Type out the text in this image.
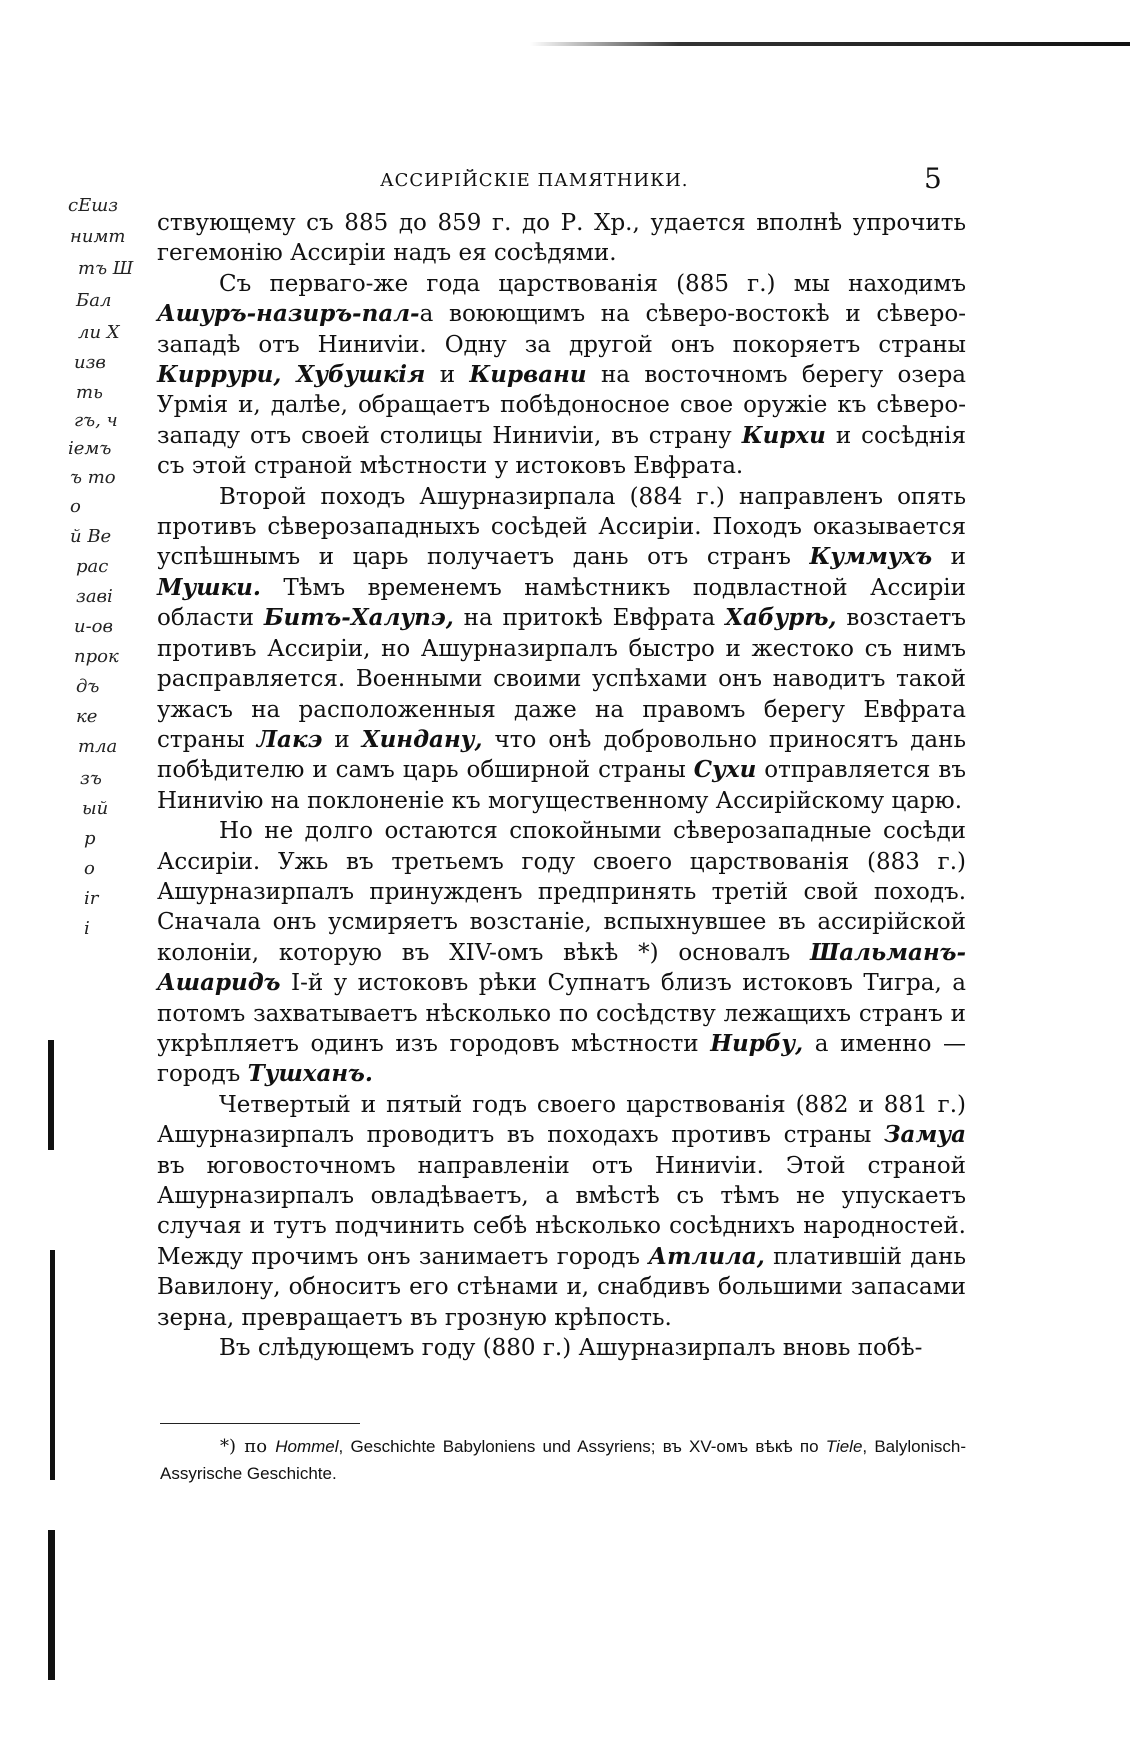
сЕшз
нимт
тъ Ш
Бал
ли Х
изв
ть
гъ, ч
іемъ
ъ то
о
й Ве
рас
заві
и-ов
прок
дъ
ке
тла
зъ
ый
р
о
ir
і
АССИРІЙСКІЕ ПАМЯТНИКИ.	5

ствующему съ 885 до 859 г. до Р. Хр., удается вполнѣ упрочить гегемонію Ассиріи надъ ея сосѣдями.

Съ перваго-же года царствованія (885 г.) мы находимъ Ашуръ-назиръ-пал-а воюющимъ на сѣверо-востокѣ и сѣверо-западѣ отъ Ниниviи. Одну за другой онъ покоряетъ страны Киррури, Хубушкія и Кирвани на восточномъ берегу озера Урмія и, далѣе, обращаетъ побѣдоносное свое оружіе къ сѣверо-западу отъ своей столицы Ниниviи, въ страну Кирхи и сосѣднія съ этой страной мѣстности у истоковъ Евфрата.

Второй походъ Ашурназирпала (884 г.) направленъ опять противъ сѣверозападныхъ сосѣдей Ассиріи. Походъ оказывается успѣшнымъ и царь получаетъ дань отъ странъ Куммухъ и Мушки. Тѣмъ временемъ намѣстникъ подвластной Ассиріи области Битъ-Халупэ, на притокѣ Евфрата Хабурѣ, возстаетъ противъ Ассиріи, но Ашурназирпалъ быстро и жестоко съ нимъ расправляется. Военными своими успѣхами онъ наводитъ такой ужасъ на расположенныя даже на правомъ берегу Евфрата страны Лакэ и Хиндану, что онѣ добровольно приносятъ дань побѣдителю и самъ царь обширной страны Сухи отправляется въ Ниниvію на поклоненіе къ могущественному Ассирійскому царю.

Но не долго остаются спокойными сѣверозападные сосѣди Ассиріи. Ужь въ третьемъ году своего царствованія (883 г.) Ашурназирпалъ принужденъ предпринять третій свой походъ. Сначала онъ усмиряетъ возстаніе, вспыхнувшее въ ассирійской колоніи, которую въ XIV-омъ вѣкѣ *) основалъ Шальманъ-Ашаридъ I-й у истоковъ рѣки Супнатъ близъ истоковъ Тигра, а потомъ захватываетъ нѣсколько по сосѣдству лежащихъ странъ и укрѣпляетъ одинъ изъ городовъ мѣстности Нирбу, а именно — городъ Тушханъ.

Четвертый и пятый годъ своего царствованія (882 и 881 г.) Ашурназирпалъ проводитъ въ походахъ противъ страны Замуа въ юговосточномъ направленіи отъ Ниниviи. Этой страной Ашурназирпалъ овладѣваетъ, а вмѣстѣ съ тѣмъ не упускаетъ случая и тутъ подчинить себѣ нѣсколько сосѣднихъ народностей. Между прочимъ онъ занимаетъ городъ Атлила, платившій дань Вавилону, обноситъ его стѣнами и, снабдивъ большими запасами зерна, превращаетъ въ грозную крѣпость.

Въ слѣдующемъ году (880 г.) Ашурназирпалъ вновь побѣ-

*) по Hommel, Geschichte Babyloniens und Assyriens; въ XV-омъ вѣкѣ по Tiele, Balylonisch-Assyrische Geschichte.
